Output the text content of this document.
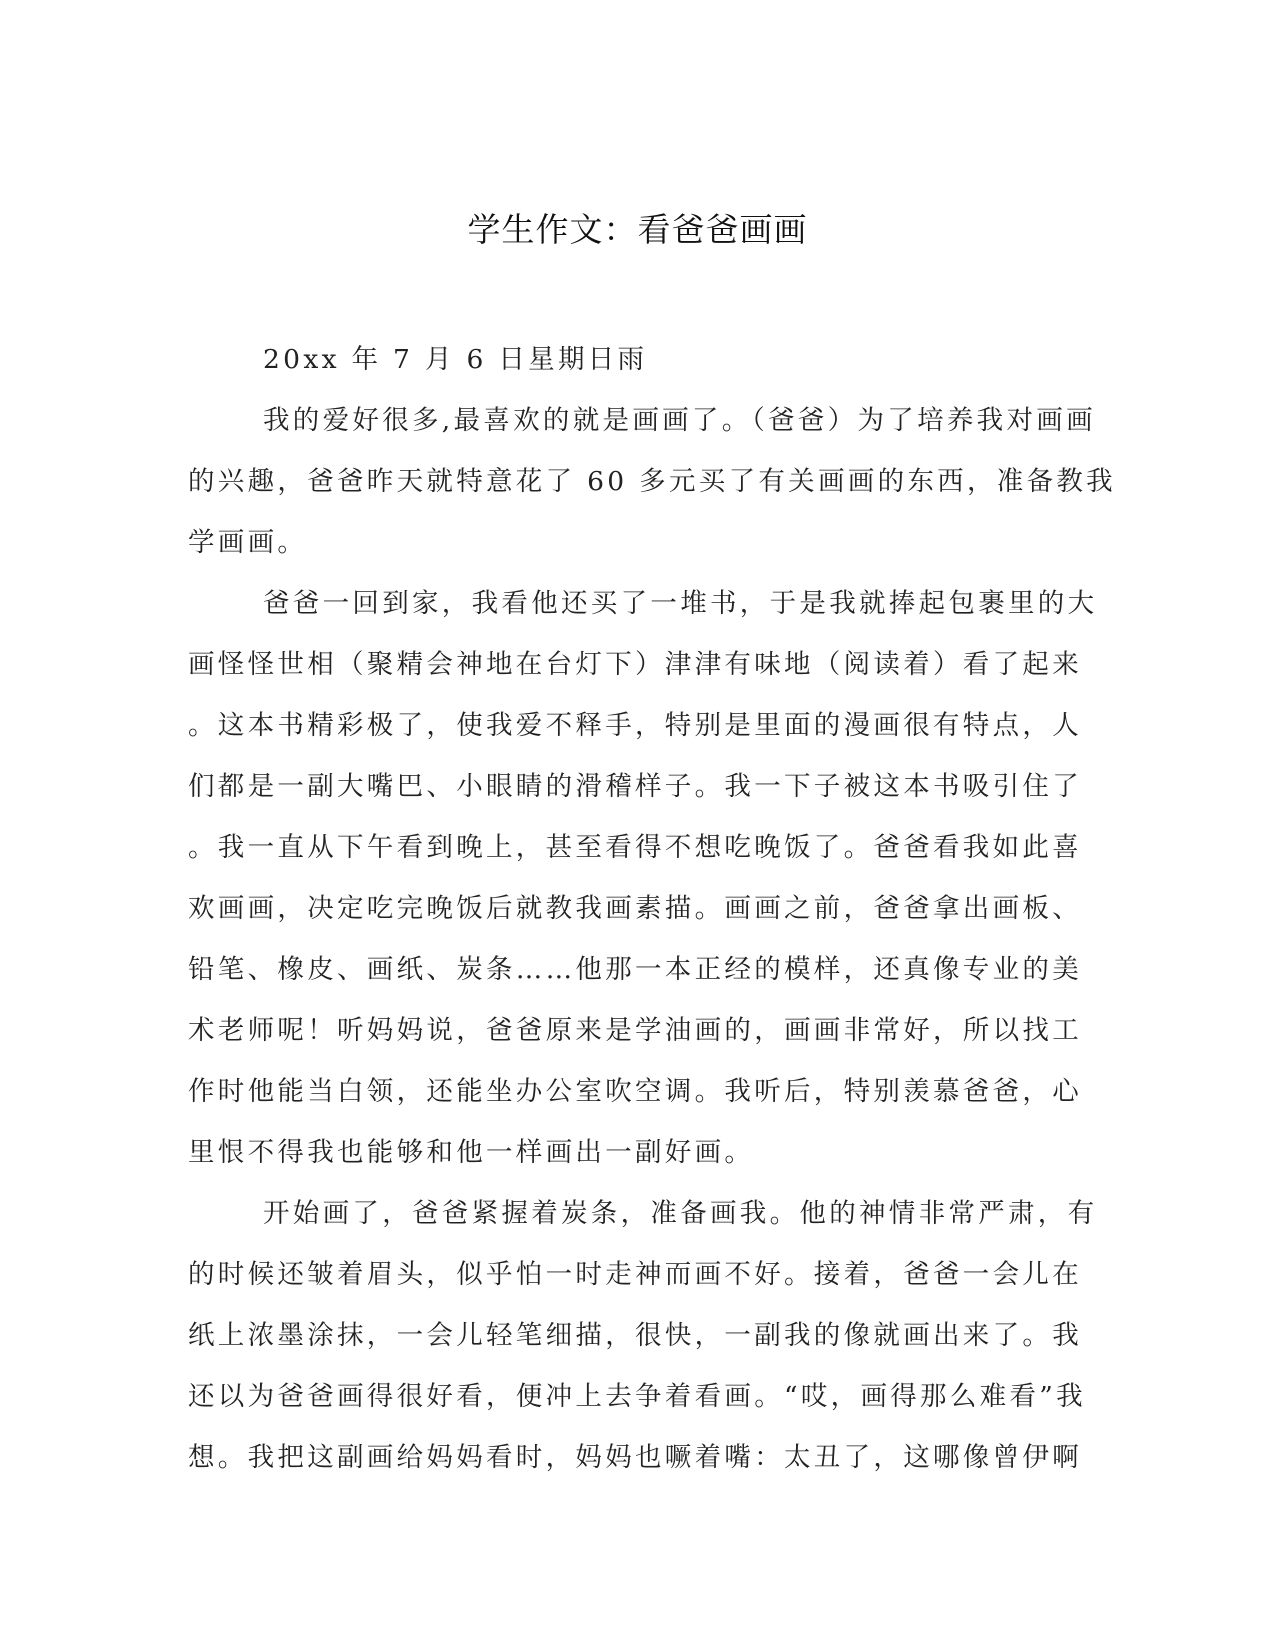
学生作文：看爸爸画画
20xx 年 7 月 6 日星期日雨
我的爱好很多,最喜欢的就是画画了。（爸爸）为了培养我对画画
的兴趣，爸爸昨天就特意花了 60 多元买了有关画画的东西，准备教我
学画画。
爸爸一回到家，我看他还买了一堆书，于是我就捧起包裹里的大
画怪怪世相（聚精会神地在台灯下）津津有味地（阅读着）看了起来
。这本书精彩极了，使我爱不释手，特别是里面的漫画很有特点，人
们都是一副大嘴巴、小眼睛的滑稽样子。我一下子被这本书吸引住了
。我一直从下午看到晚上，甚至看得不想吃晚饭了。爸爸看我如此喜
欢画画，决定吃完晚饭后就教我画素描。画画之前，爸爸拿出画板、
铅笔、橡皮、画纸、炭条……他那一本正经的模样，还真像专业的美
术老师呢！听妈妈说，爸爸原来是学油画的，画画非常好，所以找工
作时他能当白领，还能坐办公室吹空调。我听后，特别羡慕爸爸，心
里恨不得我也能够和他一样画出一副好画。
开始画了，爸爸紧握着炭条，准备画我。他的神情非常严肃，有
的时候还皱着眉头，似乎怕一时走神而画不好。接着，爸爸一会儿在
纸上浓墨涂抹，一会儿轻笔细描，很快，一副我的像就画出来了。我
还以为爸爸画得很好看，便冲上去争着看画。“哎，画得那么难看”我
想。我把这副画给妈妈看时，妈妈也噘着嘴：太丑了，这哪像曾伊啊
